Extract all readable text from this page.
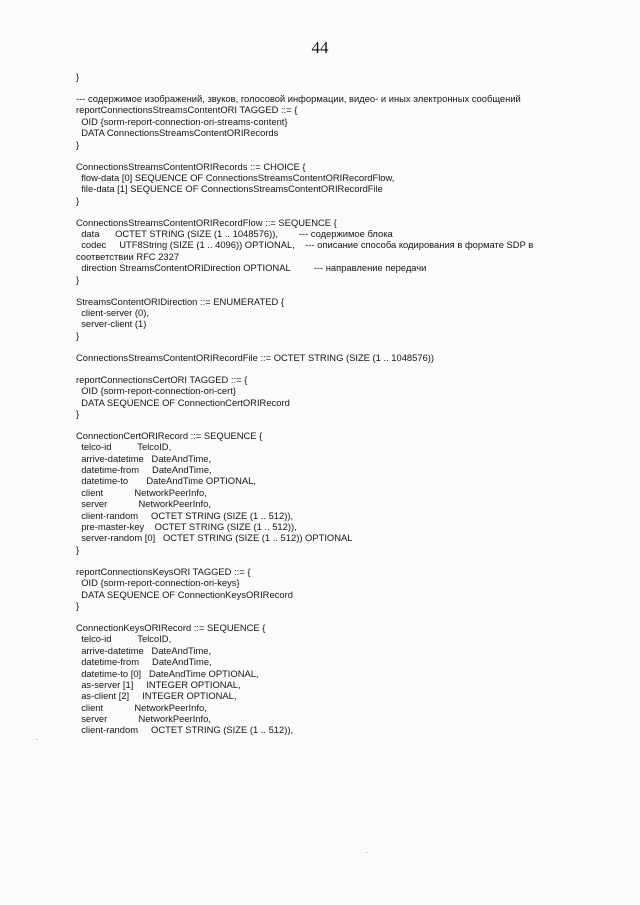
44
}
--- содержимое изображений, звуков, голосовой информации, видео- и иных электронных сообщений
reportConnectionsStreamsContentORI TAGGED ::= {
OID {sorm-report-connection-ori-streams-content}
DATA ConnectionsStreamsContentORIRecords
}
ConnectionsStreamsContentORIRecords ::= CHOICE {
flow-data [0] SEQUENCE OF ConnectionsStreamsContentORIRecordFlow,
file-data [1] SEQUENCE OF ConnectionsStreamsContentORIRecordFile
}
ConnectionsStreamsContentORIRecordFlow ::= SEQUENCE {
data      OCTET STRING (SIZE (1 .. 1048576)),        --- содержимое блока
codec     UTF8String (SIZE (1 .. 4096)) OPTIONAL,    --- описание способа кодирования в формате SDP в
соответствии RFC 2327
direction StreamsContentORIDirection OPTIONAL         --- направление передачи
}
StreamsContentORIDirection ::= ENUMERATED {
client-server (0),
server-client (1)
}
ConnectionsStreamsContentORIRecordFile ::= OCTET STRING (SIZE (1 .. 1048576))
reportConnectionsCertORI TAGGED ::= {
OID {sorm-report-connection-ori-cert}
DATA SEQUENCE OF ConnectionCertORIRecord
}
ConnectionCertORIRecord ::= SEQUENCE {
telco-id          TelcoID,
arrive-datetime   DateAndTime,
datetime-from     DateAndTime,
datetime-to       DateAndTime OPTIONAL,
client            NetworkPeerInfo,
server            NetworkPeerInfo,
client-random     OCTET STRING (SIZE (1 .. 512)),
pre-master-key    OCTET STRING (SIZE (1 .. 512)),
server-random [0]   OCTET STRING (SIZE (1 .. 512)) OPTIONAL
}
reportConnectionsKeysORI TAGGED ::= {
OID {sorm-report-connection-ori-keys}
DATA SEQUENCE OF ConnectionKeysORIRecord
}
ConnectionKeysORIRecord ::= SEQUENCE {
telco-id          TelcoID,
arrive-datetime   DateAndTime,
datetime-from     DateAndTime,
datetime-to [0]   DateAndTime OPTIONAL,
as-server [1]     INTEGER OPTIONAL,
as-client [2]     INTEGER OPTIONAL,
client            NetworkPeerInfo,
server            NetworkPeerInfo,
client-random     OCTET STRING (SIZE (1 .. 512)),
